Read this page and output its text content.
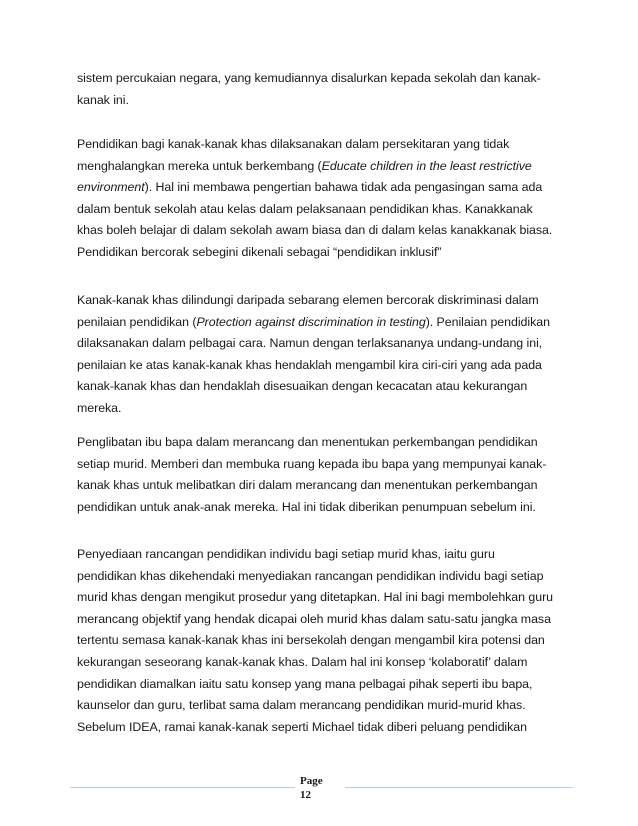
sistem percukaian negara, yang kemudiannya disalurkan kepada sekolah dan kanak-
kanak ini.
Pendidikan bagi kanak-kanak khas dilaksanakan dalam persekitaran yang tidak
menghalangkan mereka untuk berkembang (Educate children in the least restrictive
environment). Hal ini membawa pengertian bahawa tidak ada pengasingan sama ada
dalam bentuk sekolah atau kelas dalam pelaksanaan pendidikan khas. Kanakkanak
khas boleh belajar di dalam sekolah awam biasa dan di dalam kelas kanakkanak biasa.
Pendidikan bercorak sebegini dikenali sebagai “pendidikan inklusif”
Kanak-kanak khas dilindungi daripada sebarang elemen bercorak diskriminasi dalam
penilaian pendidikan (Protection against discrimination in testing). Penilaian pendidikan
dilaksanakan dalam pelbagai cara. Namun dengan terlaksananya undang-undang ini,
penilaian ke atas kanak-kanak khas hendaklah mengambil kira ciri-ciri yang ada pada
kanak-kanak khas dan hendaklah disesuaikan dengan kecacatan atau kekurangan
mereka.
Penglibatan ibu bapa dalam merancang dan menentukan perkembangan pendidikan
setiap murid. Memberi dan membuka ruang kepada ibu bapa yang mempunyai kanak-
kanak khas untuk melibatkan diri dalam merancang dan menentukan perkembangan
pendidikan untuk anak-anak mereka. Hal ini tidak diberikan penumpuan sebelum ini.
Penyediaan rancangan pendidikan individu bagi setiap murid khas, iaitu guru
pendidikan khas dikehendaki menyediakan rancangan pendidikan individu bagi setiap
murid khas dengan mengikut prosedur yang ditetapkan. Hal ini bagi membolehkan guru
merancang objektif yang hendak dicapai oleh murid khas dalam satu-satu jangka masa
tertentu semasa kanak-kanak khas ini bersekolah dengan mengambil kira potensi dan
kekurangan seseorang kanak-kanak khas. Dalam hal ini konsep ‘kolaboratif’ dalam
pendidikan diamalkan iaitu satu konsep yang mana pelbagai pihak seperti ibu bapa,
kaunselor dan guru, terlibat sama dalam merancang pendidikan murid-murid khas.
Sebelum IDEA, ramai kanak-kanak seperti Michael tidak diberi peluang pendidikan
Page
12
